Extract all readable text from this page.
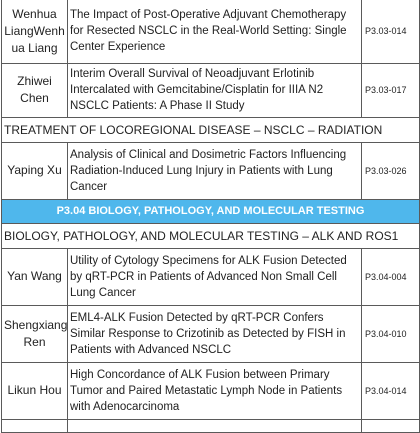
Wenhua LiangWenh ua Liang	The Impact of Post-Operative Adjuvant Chemotherapy for Resected NSCLC in the Real-World Setting: Single Center Experience	P3.03-014
Zhiwei Chen	Interim Overall Survival of Neoadjuvant Erlotinib Intercalated with Gemcitabine/Cisplatin for IIIA N2 NSCLC Patients: A Phase II Study	P3.03-017
TREATMENT OF LOCOREGIONAL DISEASE – NSCLC – RADIATION		
Yaping Xu	Analysis of Clinical and Dosimetric Factors Influencing Radiation-Induced Lung Injury in Patients with Lung Cancer	P3.03-026
P3.04 BIOLOGY, PATHOLOGY, AND MOLECULAR TESTING		
BIOLOGY, PATHOLOGY, AND MOLECULAR TESTING – ALK AND ROS1		
Yan Wang	Utility of Cytology Specimens for ALK Fusion Detected by qRT-PCR in Patients of Advanced Non Small Cell Lung Cancer	P3.04-004
Shengxiang Ren	EML4-ALK Fusion Detected by qRT-PCR Confers Similar Response to Crizotinib as Detected by FISH in Patients with Advanced NSCLC	P3.04-010
Likun Hou	High Concordance of ALK Fusion between Primary Tumor and Paired Metastatic Lymph Node in Patients with Adenocarcinoma	P3.04-014
